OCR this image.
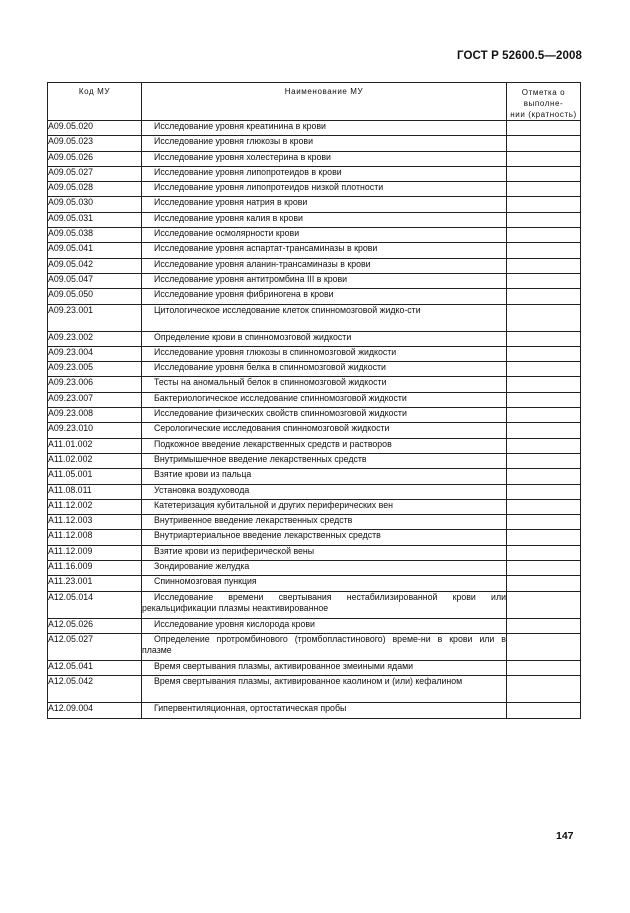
ГОСТ Р 52600.5—2008
Код МУ	Наименование МУ	Отметка о выполне-
нии (кратность)
A09.05.020	Исследование уровня креатинина в крови	
A09.05.023	Исследование уровня глюкозы в крови	
A09.05.026	Исследование уровня холестерина в крови	
A09.05.027	Исследование уровня липопротеидов в крови	
A09.05.028	Исследование уровня липопротеидов низкой плотности	
A09.05.030	Исследование уровня натрия в крови	
A09.05.031	Исследование уровня калия в крови	
A09.05.038	Исследование осмолярности крови	
A09.05.041	Исследование уровня аспартат-трансаминазы в крови	
A09.05.042	Исследование уровня аланин-трансаминазы в крови	
A09.05.047	Исследование уровня антитромбина III в крови	
A09.05.050	Исследование уровня фибриногена в крови	
A09.23.001	Цитологическое исследование клеток спинномозговой жидко-сти	
A09.23.002	Определение крови в спинномозговой жидкости	
A09.23.004	Исследование уровня глюкозы в спинномозговой жидкости	
A09.23.005	Исследование уровня белка в спинномозговой жидкости	
A09.23.006	Тесты на аномальный белок в спинномозговой жидкости	
A09.23.007	Бактериологическое исследование спинномозговой жидкости	
A09.23.008	Исследование физических свойств спинномозговой жидкости	
A09.23.010	Серологические исследования спинномозговой жидкости	
A11.01.002	Подкожное введение лекарственных средств и растворов	
A11.02.002	Внутримышечное введение лекарственных средств	
A11.05.001	Взятие крови из пальца	
A11.08.011	Установка воздуховода	
A11.12.002	Катетеризация кубитальной и других периферических вен	
A11.12.003	Внутривенное введение лекарственных средств	
A11.12.008	Внутриартериальное введение лекарственных средств	
A11.12.009	Взятие крови из периферической вены	
A11.16.009	Зондирование желудка	
A11.23.001	Спинномозговая пункция	
A12.05.014	Исследование времени свертывания нестабилизированной крови или рекальцификации плазмы неактивированное	
A12.05.026	Исследование уровня кислорода крови	
A12.05.027	Определение протромбинового (тромбопластинового) време-ни в крови или в плазме	
A12.05.041	Время свертывания плазмы, активированное змеиными ядами	
A12.05.042	Время свертывания плазмы, активированное каолином и (или) кефалином	
A12.09.004	Гипервентиляционная, ортостатическая пробы	
147
